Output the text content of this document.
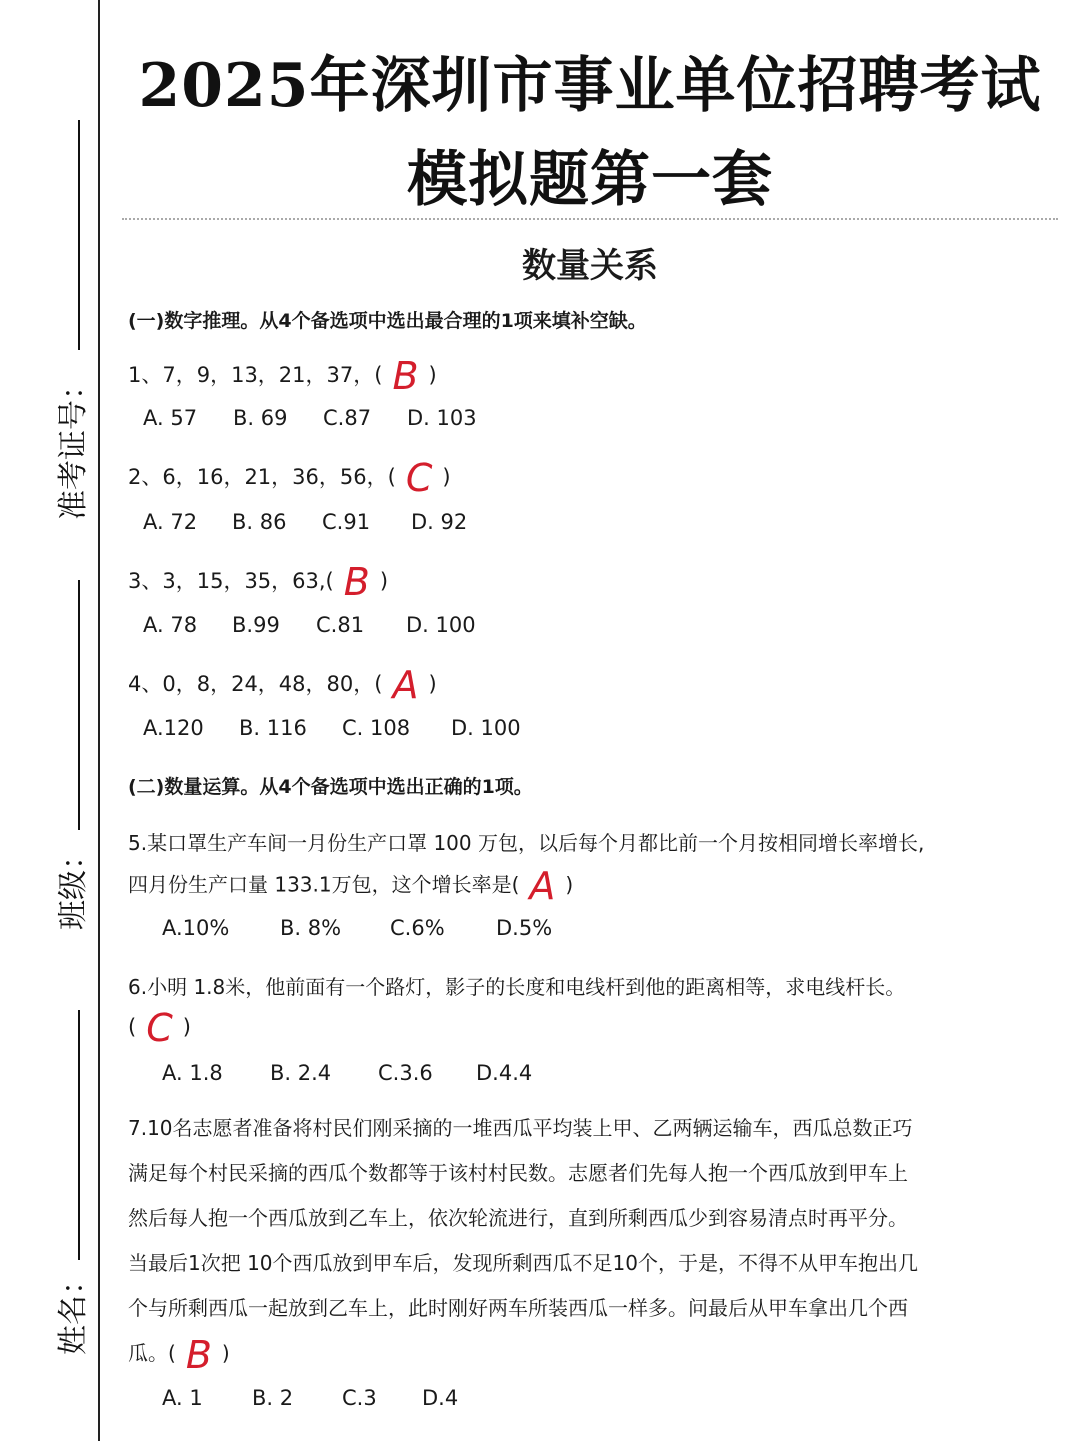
准考证号：
班级：
姓名：
2025年深圳市事业单位招聘考试
模拟题第一套
数量关系
(一)数字推理。从4个备选项中选出最合理的1项来填补空缺。
1、7，9，13，21，37，( B )
A. 57 B. 69 C.87 D. 103
2、6，16，21，36，56，( C )
A. 72 B. 86 C.91 D. 92
3、3，15，35，63,( B )
A. 78 B.99 C.81 D. 100
4、0，8，24，48，80，( A )
A.120 B. 116 C. 108 D. 100
(二)数量运算。从4个备选项中选出正确的1项。
5.某口罩生产车间一月份生产口罩 100 万包，以后每个月都比前一个月按相同增长率增长,
四月份生产口量 133.1万包，这个增长率是( A )
A.10% B. 8% C.6% D.5%
6.小明 1.8米，他前面有一个路灯，影子的长度和电线杆到他的距离相等，求电线杆长。
( C )
A. 1.8 B. 2.4 C.3.6 D.4.4
7.10名志愿者准备将村民们刚采摘的一堆西瓜平均装上甲、乙两辆运输车，西瓜总数正巧
满足每个村民采摘的西瓜个数都等于该村村民数。志愿者们先每人抱一个西瓜放到甲车上
然后每人抱一个西瓜放到乙车上，依次轮流进行，直到所剩西瓜少到容易清点时再平分。
当最后1次把 10个西瓜放到甲车后，发现所剩西瓜不足10个，于是，不得不从甲车抱出几
个与所剩西瓜一起放到乙车上，此时刚好两车所装西瓜一样多。问最后从甲车拿出几个西
瓜。( B )
A. 1 B. 2 C.3 D.4
